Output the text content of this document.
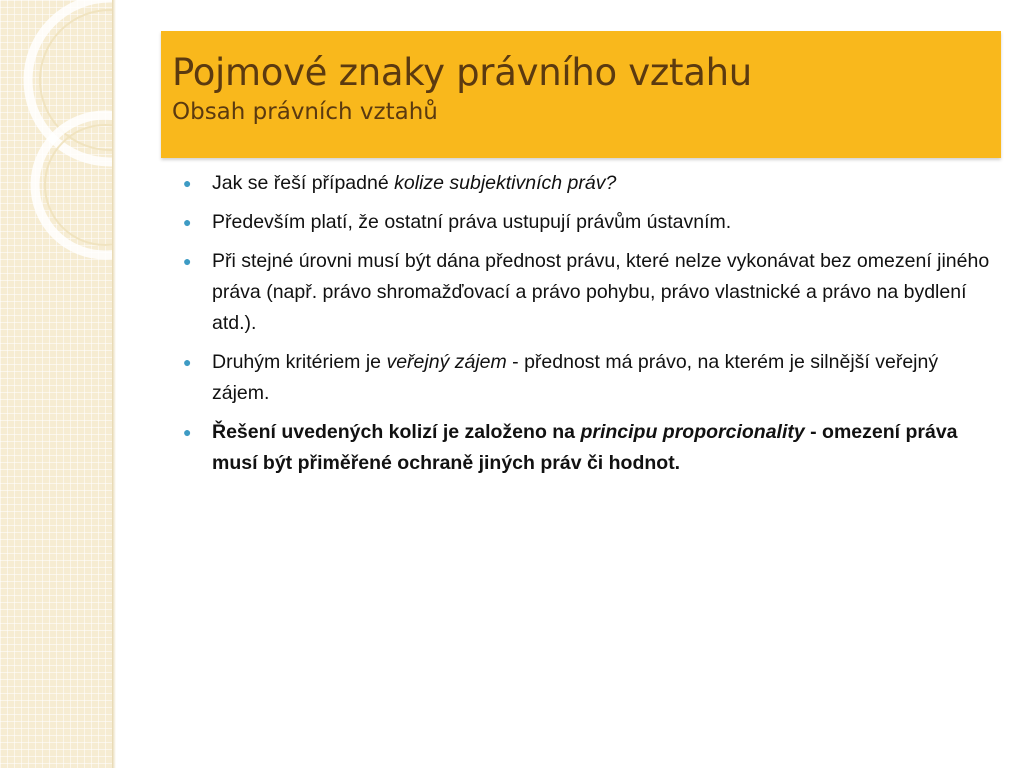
Pojmové znaky právního vztahu
Obsah právních vztahů
● Jak se řeší případné kolize subjektivních práv?
● Především platí, že ostatní práva ustupují právům ústavním.
● Při stejné úrovni musí být dána přednost právu, které nelze vykonávat bez omezení jiného práva (např. právo shromažďovací a právo pohybu, právo vlastnické a právo na bydlení atd.).
● Druhým kritériem je veřejný zájem - přednost má právo, na kterém je silnější veřejný zájem.
● Řešení uvedených kolizí je založeno na principu proporcionality - omezení práva musí být přiměřené ochraně jiných práv či hodnot.
